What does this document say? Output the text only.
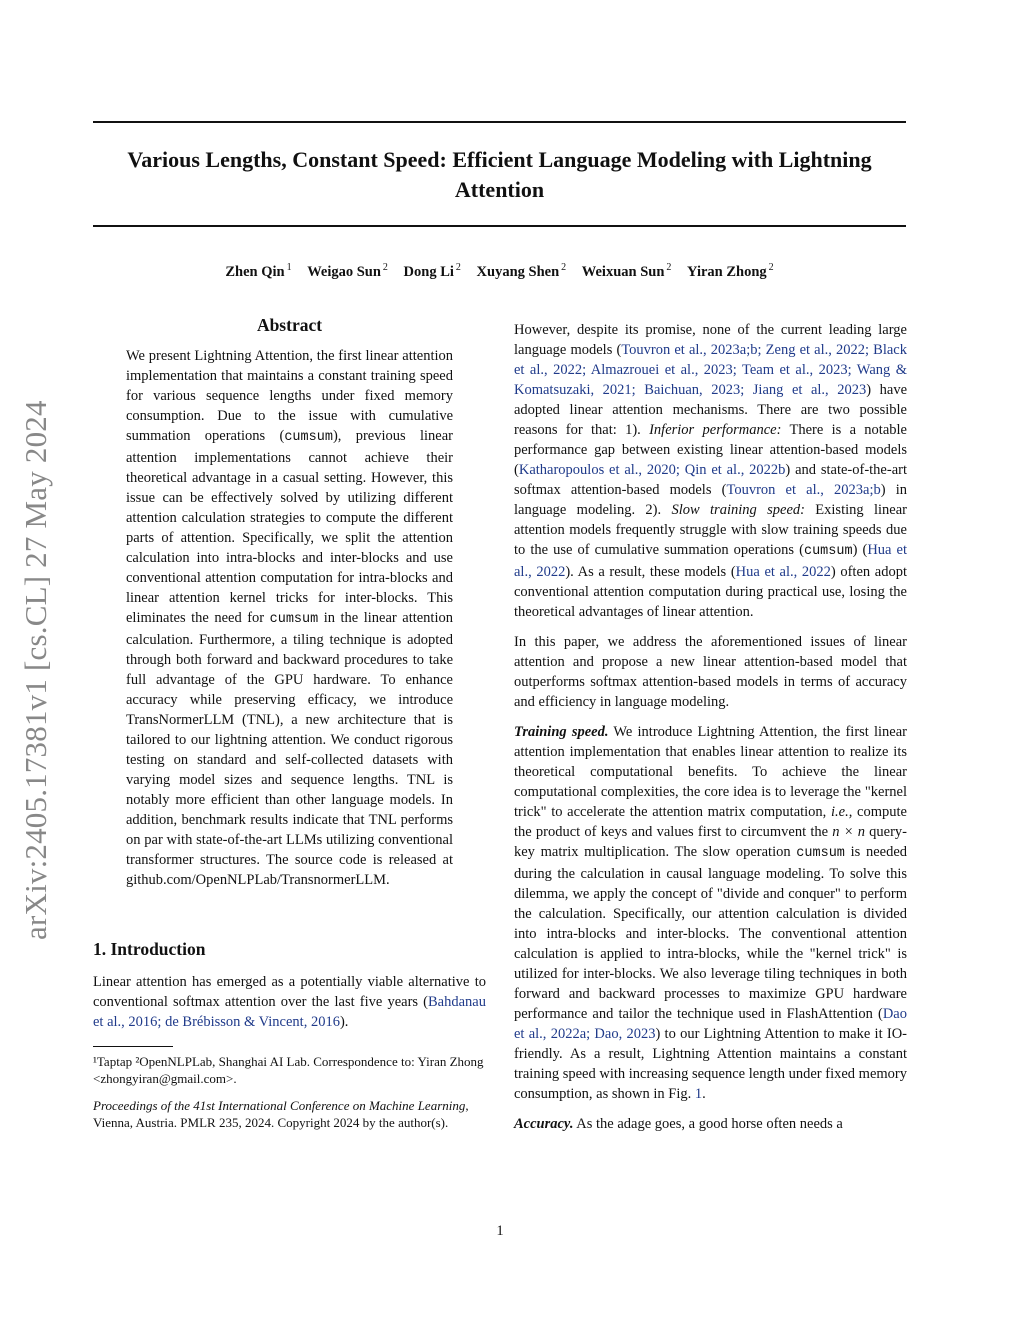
Various Lengths, Constant Speed: Efficient Language Modeling with Lightning Attention
Zhen Qin $^1$ Weigao Sun $^2$ Dong Li $^2$ Xuyang Shen $^2$ Weixuan Sun $^2$ Yiran Zhong $^2$
arXiv:2405.17381v1 [cs.CL] 27 May 2024
Abstract

We present Lightning Attention, the first linear attention implementation that maintains a constant training speed for various sequence lengths under fixed memory consumption. Due to the issue with cumulative summation operations (cumsum), previous linear attention implementations cannot achieve their theoretical advantage in a casual setting. However, this issue can be effectively solved by utilizing different attention calculation strategies to compute the different parts of attention. Specifically, we split the attention calculation into intra-blocks and inter-blocks and use conventional attention computation for intra-blocks and linear attention kernel tricks for inter-blocks. This eliminates the need for cumsum in the linear attention calculation. Furthermore, a tiling technique is adopted through both forward and backward procedures to take full advantage of the GPU hardware. To enhance accuracy while preserving efficacy, we introduce TransNormerLLM (TNL), a new architecture that is tailored to our lightning attention. We conduct rigorous testing on standard and self-collected datasets with varying model sizes and sequence lengths. TNL is notably more efficient than other language models. In addition, benchmark results indicate that TNL performs on par with state-of-the-art LLMs utilizing conventional transformer structures. The source code is released at github.com/OpenNLPLab/TransnormerLLM.

1. Introduction

Linear attention has emerged as a potentially viable alternative to conventional softmax attention over the last five years (Bahdanau et al., 2016; de Brébisson & Vincent, 2016).

¹Taptap ²OpenNLPLab, Shanghai AI Lab. Correspondence to: Yiran Zhong <zhongyiran@gmail.com>.

Proceedings of the 41st International Conference on Machine Learning, Vienna, Austria. PMLR 235, 2024. Copyright 2024 by the author(s).

However, despite its promise, none of the current leading large language models (Touvron et al., 2023a;b; Zeng et al., 2022; Black et al., 2022; Almazrouei et al., 2023; Team et al., 2023; Wang & Komatsuzaki, 2021; Baichuan, 2023; Jiang et al., 2023) have adopted linear attention mechanisms. There are two possible reasons for that: 1). Inferior performance: There is a notable performance gap between existing linear attention-based models (Katharopoulos et al., 2020; Qin et al., 2022b) and state-of-the-art softmax attention-based models (Touvron et al., 2023a;b) in language modeling. 2). Slow training speed: Existing linear attention models frequently struggle with slow training speeds due to the use of cumulative summation operations (cumsum) (Hua et al., 2022). As a result, these models (Hua et al., 2022) often adopt conventional attention computation during practical use, losing the theoretical advantages of linear attention.

In this paper, we address the aforementioned issues of linear attention and propose a new linear attention-based model that outperforms softmax attention-based models in terms of accuracy and efficiency in language modeling.

Training speed. We introduce Lightning Attention, the first linear attention implementation that enables linear attention to realize its theoretical computational benefits. To achieve the linear computational complexities, the core idea is to leverage the "kernel trick" to accelerate the attention matrix computation, i.e., compute the product of keys and values first to circumvent the n × n query-key matrix multiplication. The slow operation cumsum is needed during the calculation in causal language modeling. To solve this dilemma, we apply the concept of "divide and conquer" to perform the calculation. Specifically, our attention calculation is divided into intra-blocks and inter-blocks. The conventional attention calculation is applied to intra-blocks, while the "kernel trick" is utilized for inter-blocks. We also leverage tiling techniques in both forward and backward processes to maximize GPU hardware performance and tailor the technique used in FlashAttention (Dao et al., 2022a; Dao, 2023) to our Lightning Attention to make it IO-friendly. As a result, Lightning Attention maintains a constant training speed with increasing sequence length under fixed memory consumption, as shown in Fig. 1.

Accuracy. As the adage goes, a good horse often needs a

1
